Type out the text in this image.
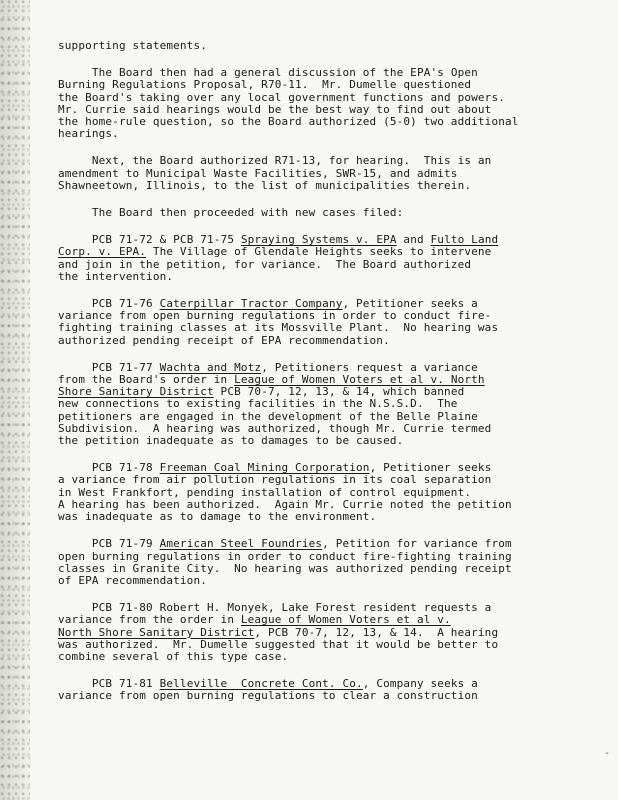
supporting statements.

The Board then had a general discussion of the EPA's Open
Burning Regulations Proposal, R70-11.  Mr. Dumelle questioned
the Board's taking over any local government functions and powers.
Mr. Currie said hearings would be the best way to find out about
the home-rule question, so the Board authorized (5-0) two additional
hearings.

Next, the Board authorized R71-13, for hearing.  This is an
amendment to Municipal Waste Facilities, SWR-15, and admits
Shawneetown, Illinois, to the list of municipalities therein.

The Board then proceeded with new cases filed:

PCB 71-72 & PCB 71-75 Spraying Systems v. EPA and Fulto Land
Corp. v. EPA. The Village of Glendale Heights seeks to intervene
and join in the petition, for variance.  The Board authorized
the intervention.

PCB 71-76 Caterpillar Tractor Company, Petitioner seeks a
variance from open burning regulations in order to conduct fire-
fighting training classes at its Mossville Plant.  No hearing was
authorized pending receipt of EPA recommendation.

PCB 71-77 Wachta and Motz, Petitioners request a variance
from the Board's order in League of Women Voters et al v. North
Shore Sanitary District PCB 70-7, 12, 13, & 14, which banned
new connections to existing facilities in the N.S.S.D.  The
petitioners are engaged in the development of the Belle Plaine
Subdivision.  A hearing was authorized, though Mr. Currie termed
the petition inadequate as to damages to be caused.

PCB 71-78 Freeman Coal Mining Corporation, Petitioner seeks
a variance from air pollution regulations in its coal separation
in West Frankfort, pending installation of control equipment.
A hearing has been authorized.  Again Mr. Currie noted the petition
was inadequate as to damage to the environment.

PCB 71-79 American Steel Foundries, Petition for variance from
open burning regulations in order to conduct fire-fighting training
classes in Granite City.  No hearing was authorized pending receipt
of EPA recommendation.

PCB 71-80 Robert H. Monyek, Lake Forest resident requests a
variance from the order in League of Women Voters et al v.
North Shore Sanitary District, PCB 70-7, 12, 13, & 14.  A hearing
was authorized.  Mr. Dumelle suggested that it would be better to
combine several of this type case.

PCB 71-81 Belleville  Concrete Cont. Co., Company seeks a
variance from open burning regulations to clear a construction

-
